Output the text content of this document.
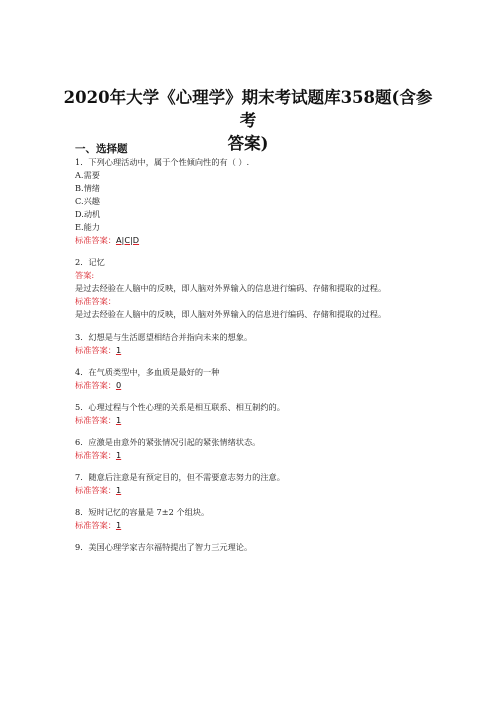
2020年大学《心理学》期末考试题库358题(含参考
答案)
一、选择题
1．下列心理活动中，属于个性倾向性的有（ ）.
A.需要
B.情绪
C.兴趣
D.动机
E.能力
标准答案：A|C|D
2．记忆
答案:
是过去经验在人脑中的反映，即人脑对外界输入的信息进行编码、存储和提取的过程。
标准答案：
是过去经验在人脑中的反映，即人脑对外界输入的信息进行编码、存储和提取的过程。
3．幻想是与生活愿望相结合并指向未来的想象。
标准答案：1
4．在气质类型中，多血质是最好的一种
标准答案：0
5．心理过程与个性心理的关系是相互联系、相互制约的。
标准答案：1
6．应激是由意外的紧张情况引起的紧张情绪状态。
标准答案：1
7．随意后注意是有预定目的，但不需要意志努力的注意。
标准答案：1
8．短时记忆的容量是 7±2 个组块。
标准答案：1
9．美国心理学家吉尔福特提出了智力三元理论。
